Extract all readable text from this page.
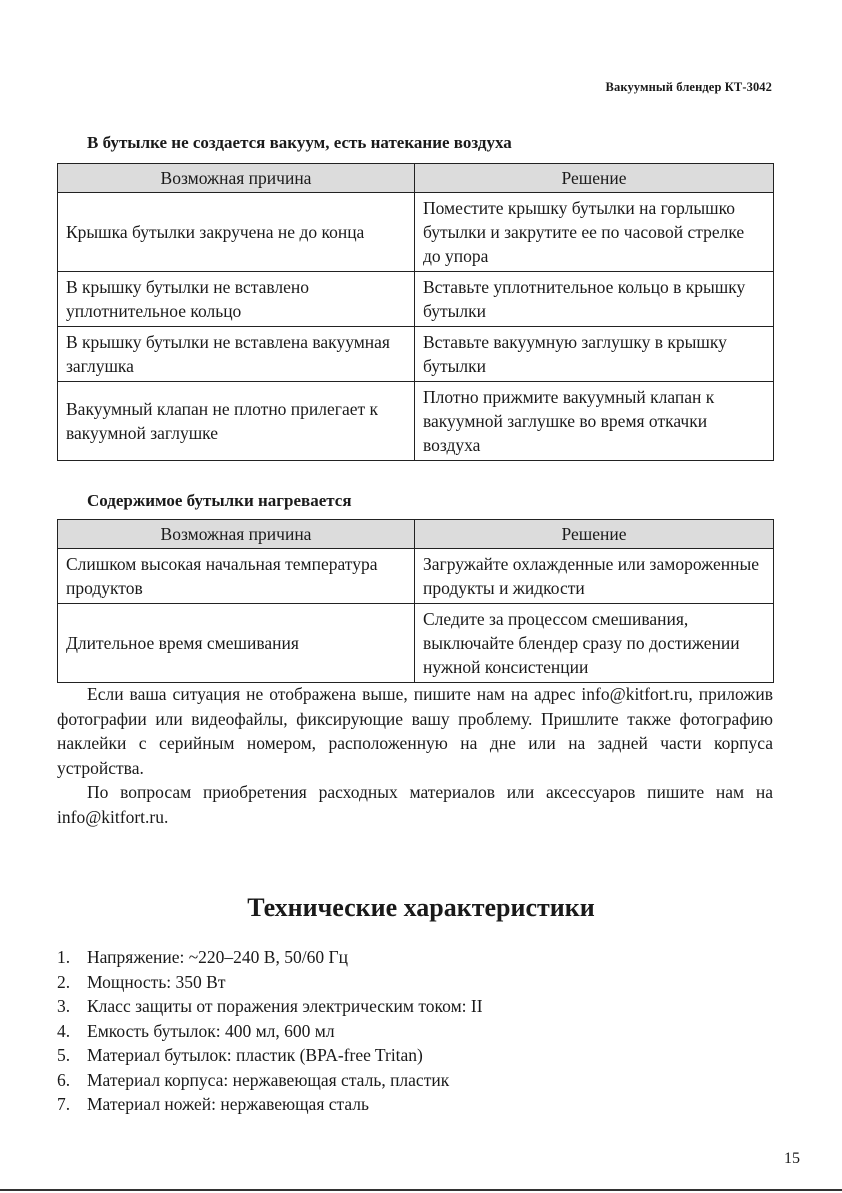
Вакуумный блендер КТ-3042
В бутылке не создается вакуум, есть натекание воздуха
Возможная причина	Решение
Крышка бутылки закручена не до конца	Поместите крышку бутылки на горлышко бутылки и закрутите ее по часовой стрелке до упора
В крышку бутылки не вставлено уплотнительное кольцо	Вставьте уплотнительное кольцо в крышку бутылки
В крышку бутылки не вставлена вакуумная заглушка	Вставьте вакуумную заглушку в крышку бутылки
Вакуумный клапан не плотно прилегает к вакуумной заглушке	Плотно прижмите вакуумный клапан к вакуумной заглушке во время откачки воздуха
Содержимое бутылки нагревается
Возможная причина	Решение
Слишком высокая начальная температура продуктов	Загружайте охлажденные или замороженные продукты и жидкости
Длительное время смешивания	Следите за процессом смешивания, выключайте блендер сразу по достижении нужной консистенции

Если ваша ситуация не отображена выше, пишите нам на адрес info@kitfort.ru, приложив фотографии или видеофайлы, фиксирующие вашу проблему. Пришлите также фотографию наклейки с серийным номером, расположенную на дне или на задней части корпуса устройства.

По вопросам приобретения расходных материалов или аксессуаров пишите нам на info@kitfort.ru.

Технические характеристики
1. Напряжение: ~220–240 В, 50/60 Гц
2. Мощность: 350 Вт
3. Класс защиты от поражения электрическим током: II
4. Емкость бутылок: 400 мл, 600 мл
5. Материал бутылок: пластик (BPA-free Tritan)
6. Материал корпуса: нержавеющая сталь, пластик
7. Материал ножей: нержавеющая сталь
15
